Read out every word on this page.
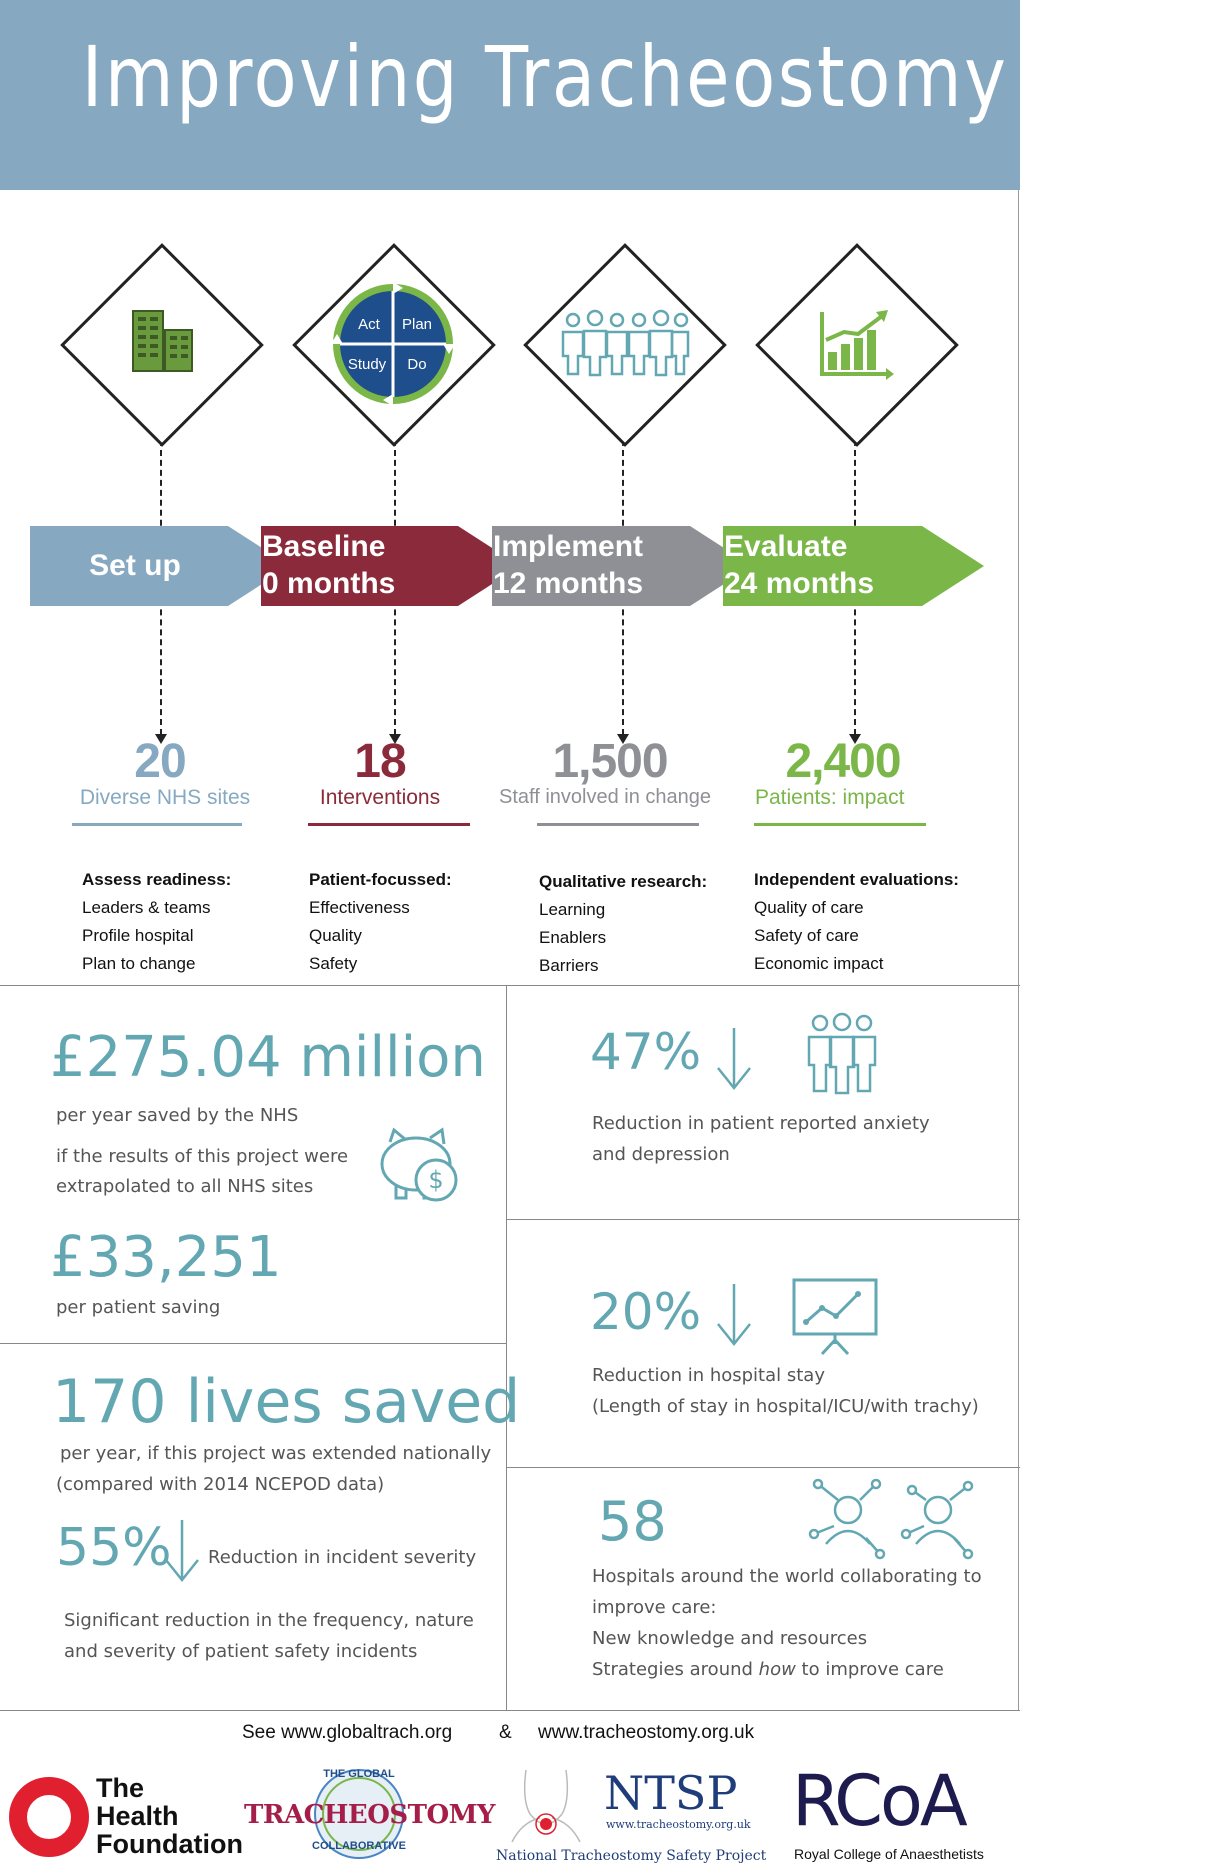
Improving Tracheostomy Care
Act	Plan
Study	Do
Set up
Baseline
0 months
Implement
12 months
Evaluate
24 months
20
Diverse NHS sites
18
Interventions
1,500
Staff involved in change
2,400
Patients: impact
Assess readiness:
Leaders & teams
Profile hospital
Plan to change
Patient-focussed:
Effectiveness
Quality
Safety
Qualitative research:
Learning
Enablers
Barriers
Independent evaluations:
Quality of care
Safety of care
Economic impact
£275.04 million
per year saved by the NHS
if the results of this project were
extrapolated to all NHS sites	$
£33,251
per patient saving
47%
Reduction in patient reported anxiety
and depression
20%
Reduction in hospital stay
(Length of stay in hospital/ICU/with trachy)
170 lives saved
per year, if this project was extended nationally
(compared with 2014 NCEPOD data)
55% Reduction in incident severity
Significant reduction in the frequency, nature
and severity of patient safety incidents
58
Hospitals around the world collaborating to
improve care:
New knowledge and resources
Strategies around how to improve care
See www.globaltrach.org & www.tracheostomy.org.uk
The
Health
Foundation
THE GLOBAL
TRACHEOSTOMY
COLLABORATIVE
NTSP
www.tracheostomy.org.uk
National Tracheostomy Safety Project
RCoA
Royal College of Anaesthetists
